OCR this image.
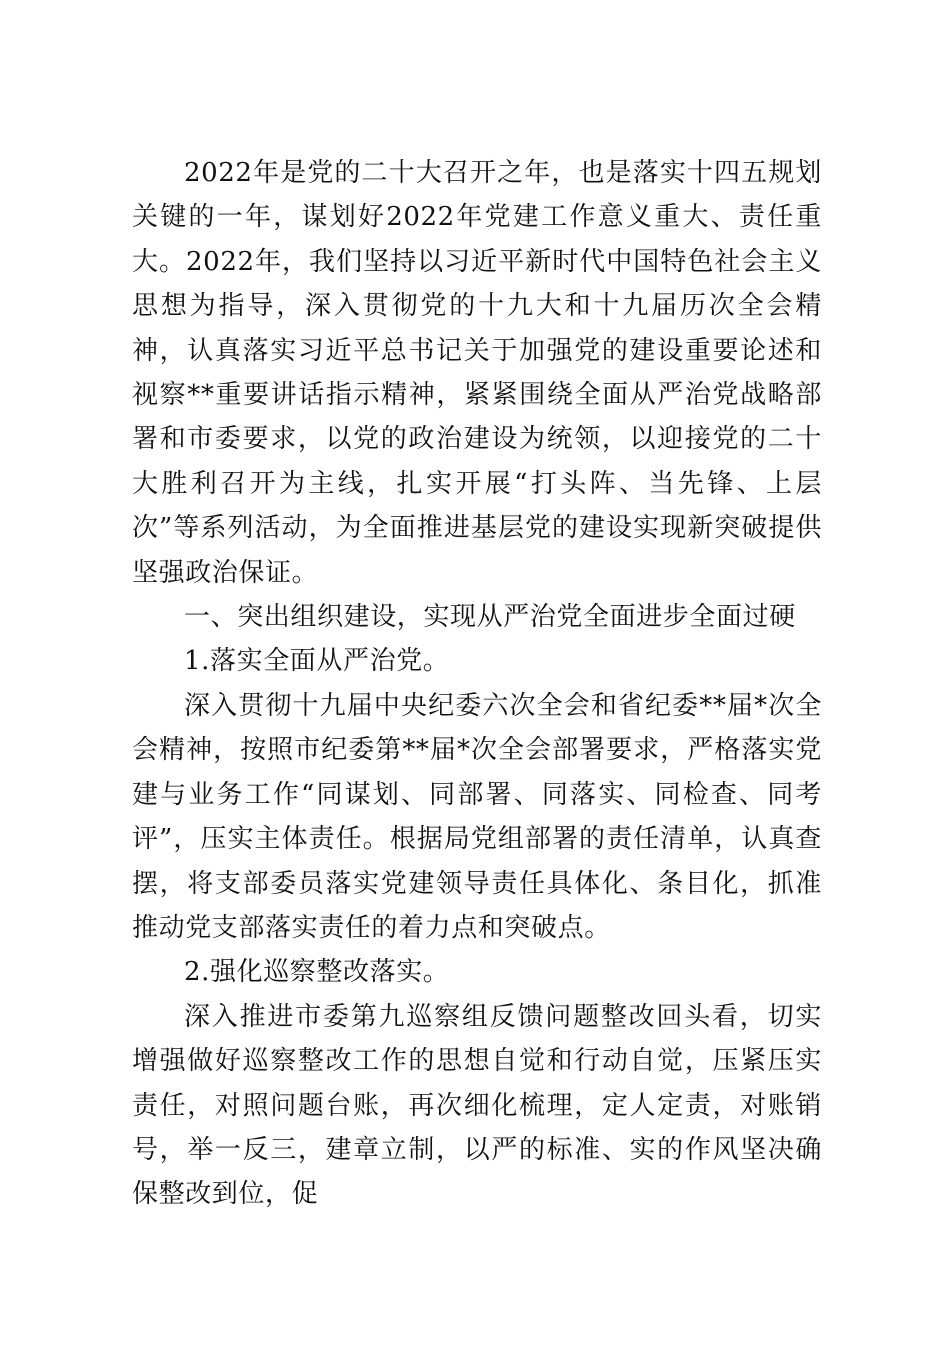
2022年是党的二十大召开之年，也是落实十四五规划关键的一年，谋划好2022年党建工作意义重大、责任重大。2022年，我们坚持以习近平新时代中国特色社会主义思想为指导，深入贯彻党的十九大和十九届历次全会精神，认真落实习近平总书记关于加强党的建设重要论述和视察**重要讲话指示精神，紧紧围绕全面从严治党战略部署和市委要求，以党的政治建设为统领，以迎接党的二十大胜利召开为主线，扎实开展“打头阵、当先锋、上层次”等系列活动，为全面推进基层党的建设实现新突破提供坚强政治保证。

一、突出组织建设，实现从严治党全面进步全面过硬

1.落实全面从严治党。

深入贯彻十九届中央纪委六次全会和省纪委**届*次全会精神，按照市纪委第**届*次全会部署要求，严格落实党建与业务工作“同谋划、同部署、同落实、同检查、同考评”，压实主体责任。根据局党组部署的责任清单，认真查摆，将支部委员落实党建领导责任具体化、条目化，抓准推动党支部落实责任的着力点和突破点。

2.强化巡察整改落实。

深入推进市委第九巡察组反馈问题整改回头看，切实增强做好巡察整改工作的思想自觉和行动自觉，压紧压实责任，对照问题台账，再次细化梳理，定人定责，对账销号，举一反三，建章立制，以严的标准、实的作风坚决确保整改到位，促
